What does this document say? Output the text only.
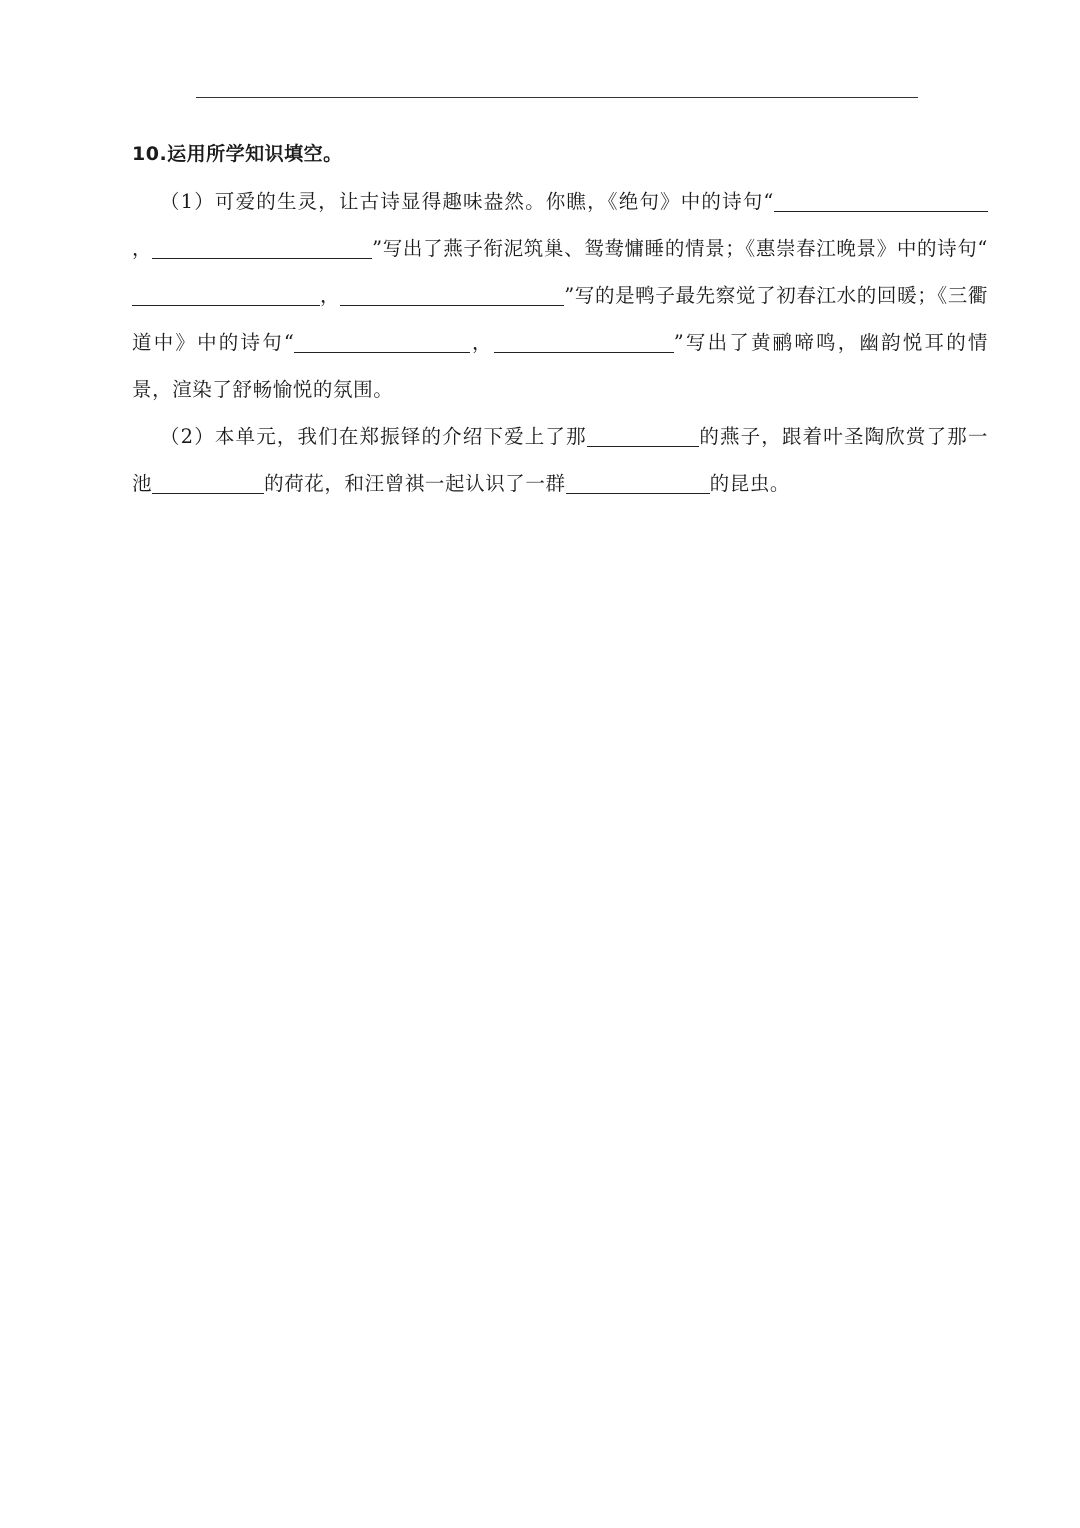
10.运用所学知识填空。

（1）可爱的生灵，让古诗显得趣味盎然。你瞧，《绝句》中的诗句“，	”写出了燕子衔泥筑巢、鸳鸯慵睡的情景；《惠崇春江晚景》中的诗句“，	”写的是鸭子最先察觉了初春江水的回暖；《三衢道中》中的诗句“	，	”写出了黄鹂啼鸣，幽韵悦耳的情景，渲染了舒畅愉悦的氛围。

（2）本单元，我们在郑振铎的介绍下爱上了那	的燕子，跟着叶圣陶欣赏了那一池	的荷花，和汪曾祺一起认识了一群	的昆虫。
